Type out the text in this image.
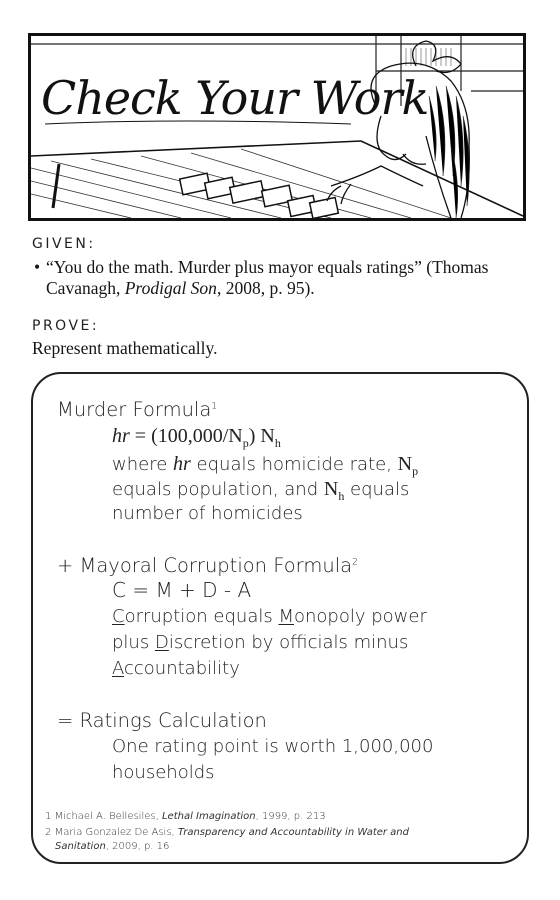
Check Your Work
GIVEN:
• “You do the math. Murder plus mayor equals ratings” (Thomas Cavanagh, Prodigal Son, 2008, p. 95).
PROVE:
Represent mathematically.
Murder Formula$^1$
hr = $(100,000/N_p)$ $N_h$
where hr equals homicide rate, $N_p$
equals population, and $N_h$ equals
number of homicides
+ Mayoral Corruption Formula$^2$
C = M + D - A
Corruption equals Monopoly power
plus Discretion by officials minus
Accountability
= Ratings Calculation
One rating point is worth 1,000,000
households
1 Michael A. Bellesiles, Lethal Imagination, 1999, p. 213
2 Maria Gonzalez De Asis, Transparency and Accountability in Water and
Sanitation, 2009, p. 16
